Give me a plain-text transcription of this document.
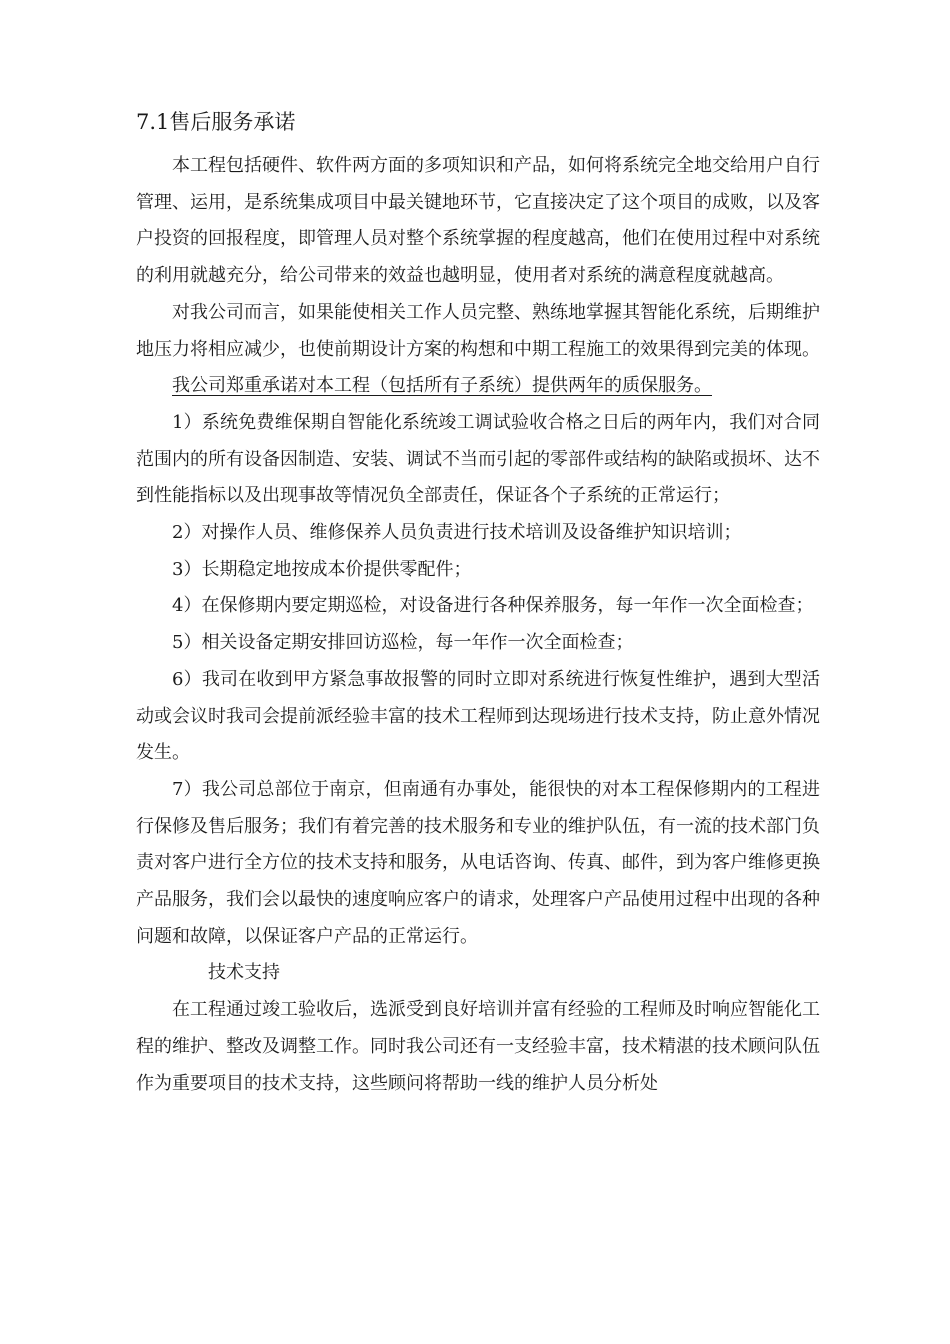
7.1售后服务承诺

本工程包括硬件、软件两方面的多项知识和产品，如何将系统完全地交给用户自行管理、运用，是系统集成项目中最关键地环节，它直接决定了这个项目的成败，以及客户投资的回报程度，即管理人员对整个系统掌握的程度越高，他们在使用过程中对系统的利用就越充分，给公司带来的效益也越明显，使用者对系统的满意程度就越高。

对我公司而言，如果能使相关工作人员完整、熟练地掌握其智能化系统，后期维护地压力将相应减少，也使前期设计方案的构想和中期工程施工的效果得到完美的体现。

我公司郑重承诺对本工程（包括所有子系统）提供两年的质保服务。

1）系统免费维保期自智能化系统竣工调试验收合格之日后的两年内，我们对合同范围内的所有设备因制造、安装、调试不当而引起的零部件或结构的缺陷或损坏、达不到性能指标以及出现事故等情况负全部责任，保证各个子系统的正常运行；

2）对操作人员、维修保养人员负责进行技术培训及设备维护知识培训；

3）长期稳定地按成本价提供零配件；

4）在保修期内要定期巡检，对设备进行各种保养服务，每一年作一次全面检查；

5）相关设备定期安排回访巡检，每一年作一次全面检查；

6）我司在收到甲方紧急事故报警的同时立即对系统进行恢复性维护，遇到大型活动或会议时我司会提前派经验丰富的技术工程师到达现场进行技术支持，防止意外情况发生。

7）我公司总部位于南京，但南通有办事处，能很快的对本工程保修期内的工程进行保修及售后服务；我们有着完善的技术服务和专业的维护队伍，有一流的技术部门负责对客户进行全方位的技术支持和服务，从电话咨询、传真、邮件，到为客户维修更换产品服务，我们会以最快的速度响应客户的请求，处理客户产品使用过程中出现的各种问题和故障，以保证客户产品的正常运行。

技术支持

在工程通过竣工验收后，选派受到良好培训并富有经验的工程师及时响应智能化工程的维护、整改及调整工作。同时我公司还有一支经验丰富，技术精湛的技术顾问队伍作为重要项目的技术支持，这些顾问将帮助一线的维护人员分析处
